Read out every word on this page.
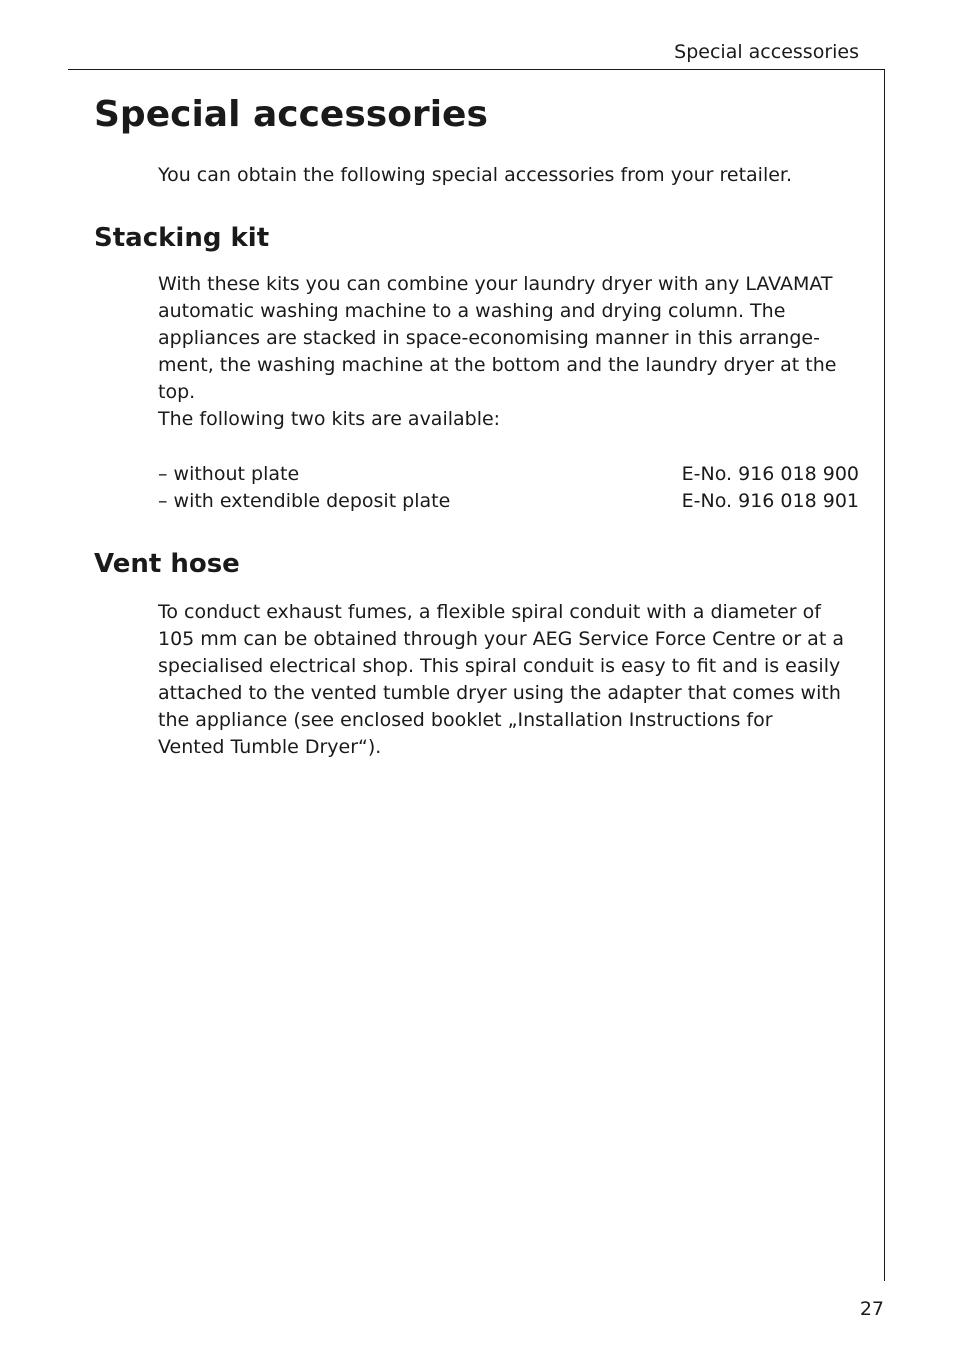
Special accessories
Special accessories

You can obtain the following special accessories from your retailer.

Stacking kit
With these kits you can combine your laundry dryer with any LAVAMAT
automatic washing machine to a washing and drying column. The
appliances are stacked in space-economising manner in this arrange-
ment, the washing machine at the bottom and the laundry dryer at the
top.
The following two kits are available:
– without plate	E-No. 916 018 900
– with extendible deposit plate	E-No. 916 018 901
Vent hose
To conduct exhaust fumes, a flexible spiral conduit with a diameter of
105 mm can be obtained through your AEG Service Force Centre or at a
specialised electrical shop. This spiral conduit is easy to fit and is easily
attached to the vented tumble dryer using the adapter that comes with
the appliance (see enclosed booklet „Installation Instructions for
Vented Tumble Dryer“).
27
